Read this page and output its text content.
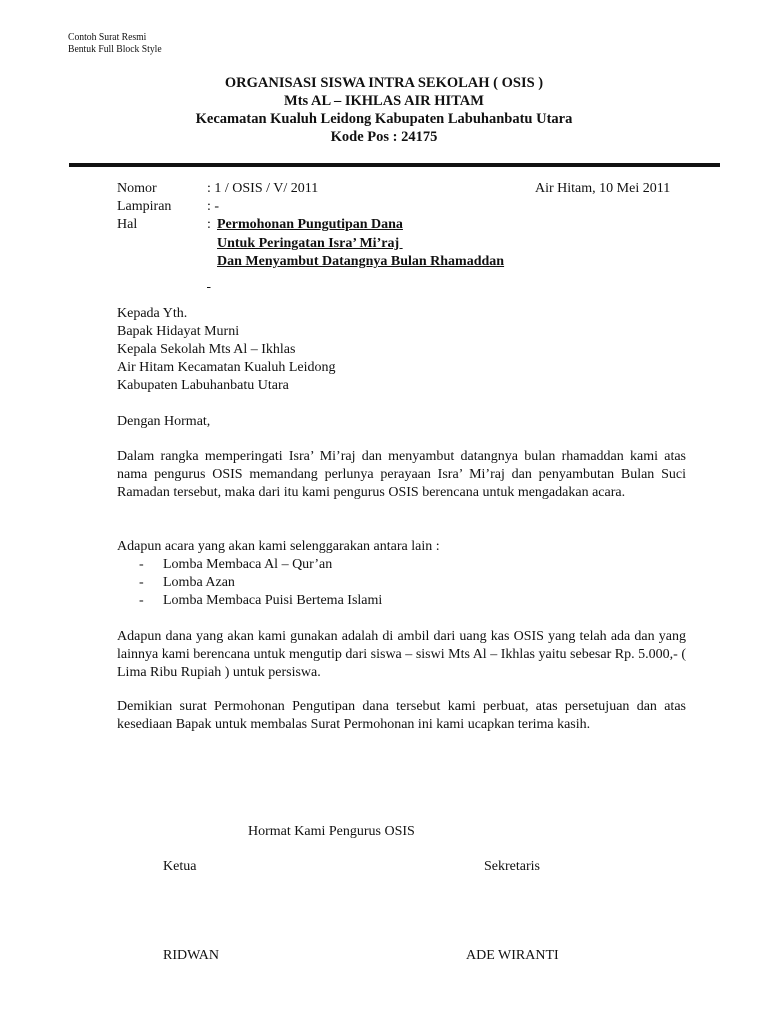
Contoh Surat Resmi
Bentuk Full Block Style
ORGANISASI SISWA INTRA SEKOLAH ( OSIS )
Mts AL – IKHLAS AIR HITAM
Kecamatan Kualuh Leidong Kabupaten Labuhanbatu Utara
Kode Pos : 24175
Nomor	: 1 / OSIS / V/ 2011	Air Hitam, 10 Mei 2011
Lampiran	: -
Hal	: Permohonan Pungutipan Dana
Untuk Peringatan Isra’ Mi’raj
Dan Menyambut Datangnya Bulan Rhamaddan

Kepada Yth.
Bapak Hidayat Murni
Kepala Sekolah Mts Al – Ikhlas
Air Hitam Kecamatan Kualuh Leidong
Kabupaten Labuhanbatu Utara
Dengan Hormat,
Dalam rangka memperingati Isra’ Mi’raj dan menyambut datangnya bulan rhamaddan kami atas nama pengurus OSIS memandang perlunya perayaan Isra’ Mi’raj dan penyambutan Bulan Suci Ramadan tersebut, maka dari itu kami pengurus OSIS berencana untuk mengadakan acara.
Adapun acara yang akan kami selenggarakan antara lain :
-	Lomba Membaca Al – Qur’an
-	Lomba Azan
-	Lomba Membaca Puisi Bertema Islami
Adapun dana yang akan kami gunakan adalah di ambil dari uang kas OSIS yang telah ada dan yang lainnya kami berencana untuk mengutip dari siswa – siswi Mts Al – Ikhlas yaitu sebesar Rp. 5.000,- ( Lima Ribu Rupiah ) untuk persiswa.
Demikian surat Permohonan Pengutipan dana tersebut kami perbuat, atas persetujuan dan atas kesediaan Bapak untuk membalas Surat Permohonan ini kami ucapkan terima kasih.
Hormat Kami Pengurus OSIS
Ketua	Sekretaris
RIDWAN	ADE WIRANTI
